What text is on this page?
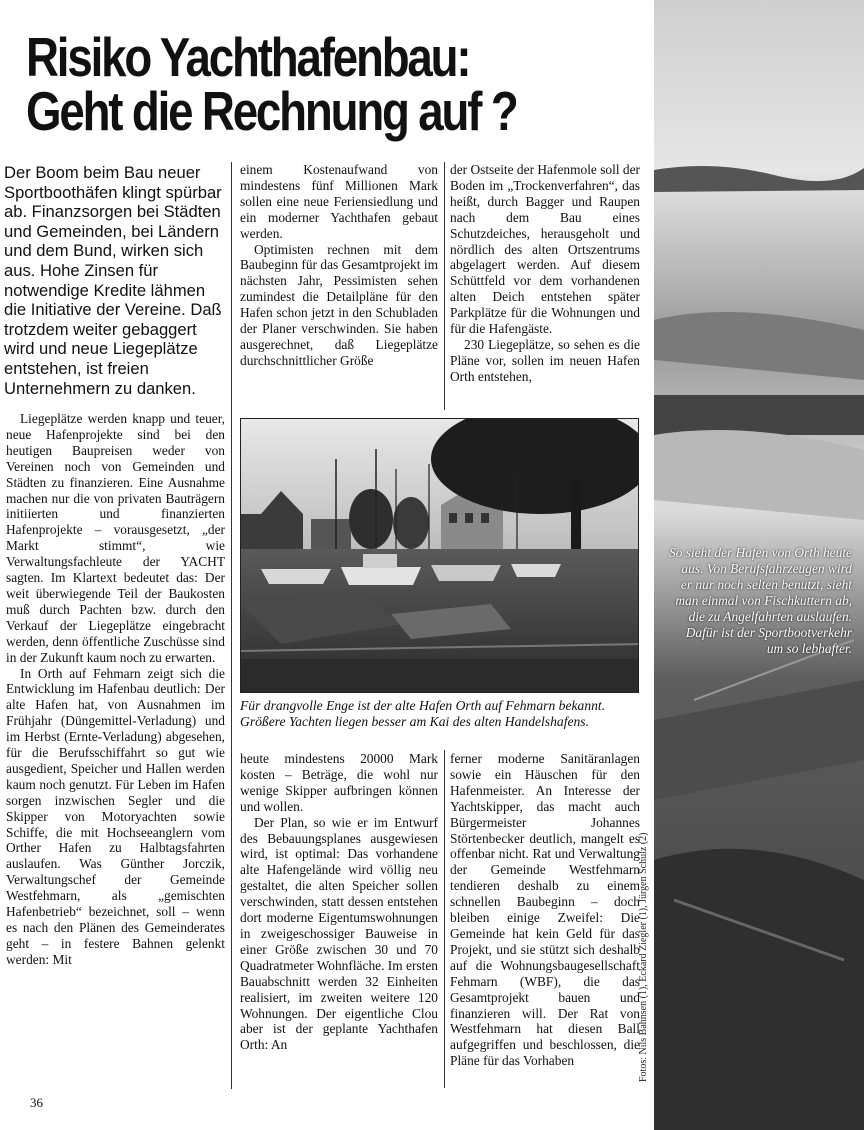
Risiko Yachthafenbau:
Geht die Rechnung auf ?
Der Boom beim Bau neuer Sportboothäfen klingt spürbar ab. Finanzsorgen bei Städten und Gemeinden, bei Ländern und dem Bund, wirken sich aus. Hohe Zinsen für notwendige Kredite lähmen die Initiative der Vereine. Daß trotzdem weiter gebaggert wird und neue Liegeplätze entstehen, ist freien Unternehmern zu danken.

Liegeplätze werden knapp und teuer, neue Hafenprojekte sind bei den heutigen Baupreisen weder von Vereinen noch von Gemeinden und Städten zu finanzieren. Eine Ausnahme machen nur die von privaten Bauträgern initiierten und finanzierten Hafenprojekte – vorausgesetzt, „der Markt stimmt“, wie Verwaltungsfachleute der YACHT sagten. Im Klartext bedeutet das: Der weit überwiegende Teil der Baukosten muß durch Pachten bzw. durch den Verkauf der Liegeplätze eingebracht werden, denn öffentliche Zuschüsse sind in der Zukunft kaum noch zu erwarten.

In Orth auf Fehmarn zeigt sich die Entwicklung im Hafenbau deutlich: Der alte Hafen hat, von Ausnahmen im Frühjahr (Düngemittel-Verladung) und im Herbst (Ernte-Verladung) abgesehen, für die Berufsschiffahrt so gut wie ausgedient, Speicher und Hallen werden kaum noch genutzt. Für Leben im Hafen sorgen inzwischen Segler und die Skipper von Motoryachten sowie Schiffe, die mit Hochseeanglern vom Orther Hafen zu Halbtagsfahrten auslaufen. Was Günther Jorczik, Verwaltungschef der Gemeinde Westfehmarn, als „gemischten Hafenbetrieb“ bezeichnet, soll – wenn es nach den Plänen des Gemeinderates geht – in festere Bahnen gelenkt werden: Mit

einem Kostenaufwand von mindestens fünf Millionen Mark sollen eine neue Feriensiedlung und ein moderner Yachthafen gebaut werden.

Optimisten rechnen mit dem Baubeginn für das Gesamtprojekt im nächsten Jahr, Pessimisten sehen zumindest die Detailpläne für den Hafen schon jetzt in den Schubladen der Planer verschwinden. Sie haben ausgerechnet, daß Liegeplätze durchschnittlicher Größe

der Ostseite der Hafenmole soll der Boden im „Trockenverfahren“, das heißt, durch Bagger und Raupen nach dem Bau eines Schutzdeiches, herausgeholt und nördlich des alten Ortszentrums abgelagert werden. Auf diesem Schüttfeld vor dem vorhandenen alten Deich entstehen später Parkplätze für die Wohnungen und für die Hafengäste.

230 Liegeplätze, so sehen es die Pläne vor, sollen im neuen Hafen Orth entstehen,

Für drangvolle Enge ist der alte Hafen Orth auf Fehmarn bekannt. Größere Yachten liegen besser am Kai des alten Handelshafens.

heute mindestens 20000 Mark kosten – Beträge, die wohl nur wenige Skipper aufbringen können und wollen.

Der Plan, so wie er im Entwurf des Bebauungsplanes ausgewiesen wird, ist optimal: Das vorhandene alte Hafengelände wird völlig neu gestaltet, die alten Speicher sollen verschwinden, statt dessen entstehen dort moderne Eigentumswohnungen in zweigeschossiger Bauweise in einer Größe zwischen 30 und 70 Quadratmeter Wohnfläche. Im ersten Bauabschnitt werden 32 Einheiten realisiert, im zweiten weitere 120 Wohnungen. Der eigentliche Clou aber ist der geplante Yachthafen Orth: An

ferner moderne Sanitäranlagen sowie ein Häuschen für den Hafenmeister. An Interesse der Yachtskipper, das macht auch Bürgermeister Johannes Störtenbecker deutlich, mangelt es offenbar nicht. Rat und Verwaltung der Gemeinde Westfehmarn tendieren deshalb zu einem schnellen Baubeginn – doch bleiben einige Zweifel: Die Gemeinde hat kein Geld für das Projekt, und sie stützt sich deshalb auf die Wohnungsbaugesellschaft Fehmarn (WBF), die das Gesamtprojekt bauen und finanzieren will. Der Rat von Westfehmarn hat diesen Ball aufgegriffen und beschlossen, die Pläne für das Vorhaben

So sieht der Hafen von Orth heute aus. Von Berufsfahrzeugen wird er nur noch selten benutzt, sieht man einmal von Fischkuttern ab, die zu Angelfahrten auslaufen. Dafür ist der Sportbootverkehr um so lebhafter.
Fotos: Nils Bahnsen (1), Eckard Ziegler (1), Jürgen Schulz (2)
36
